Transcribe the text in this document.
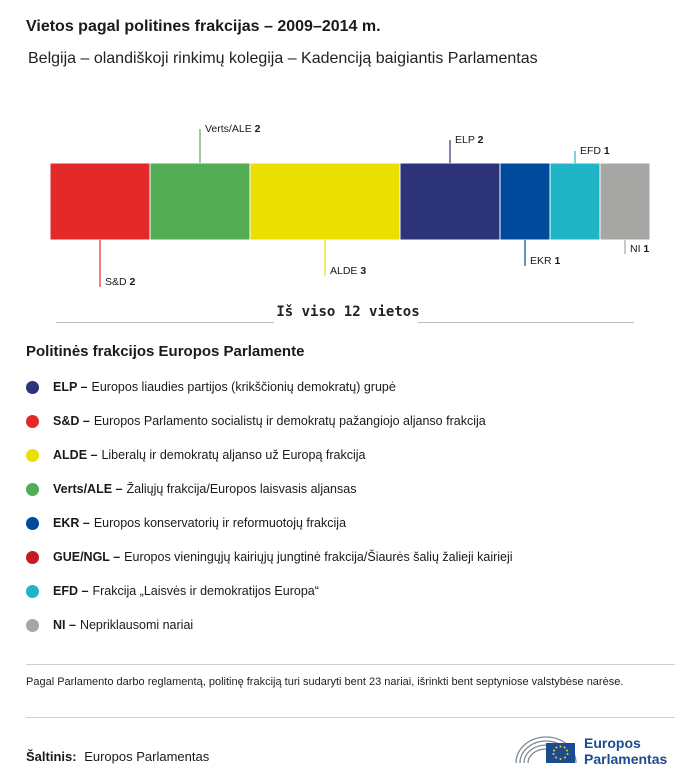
Vietos pagal politines frakcijas – 2009–2014 m.
Belgija – olandiškoji rinkimų kolegija – Kadenciją baigiantis Parlamentas
S&D 2
Verts/ALE 2
ALDE 3
ELP 2
EKR 1
EFD 1
NI 1
Iš viso 12 vietos
Politinės frakcijos Europos Parlamente
ELP – Europos liaudies partijos (krikščionių demokratų) grupė
S&D – Europos Parlamento socialistų ir demokratų pažangiojo aljanso frakcija
ALDE – Liberalų ir demokratų aljanso už Europą frakcija
Verts/ALE – Žaliųjų frakcija/Europos laisvasis aljansas
EKR – Europos konservatorių ir reformuotojų frakcija
GUE/NGL – Europos vieningųjų kairiųjų jungtinė frakcija/Šiaurės šalių žalieji kairieji
EFD – Frakcija „Laisvės ir demokratijos Europa“
NI – Nepriklausomi nariai
Pagal Parlamento darbo reglamentą, politinę frakciją turi sudaryti bent 23 nariai, išrinkti bent septyniose valstybėse narėse.
Šaltinis: Europos Parlamentas
Europos
Parlamentas
